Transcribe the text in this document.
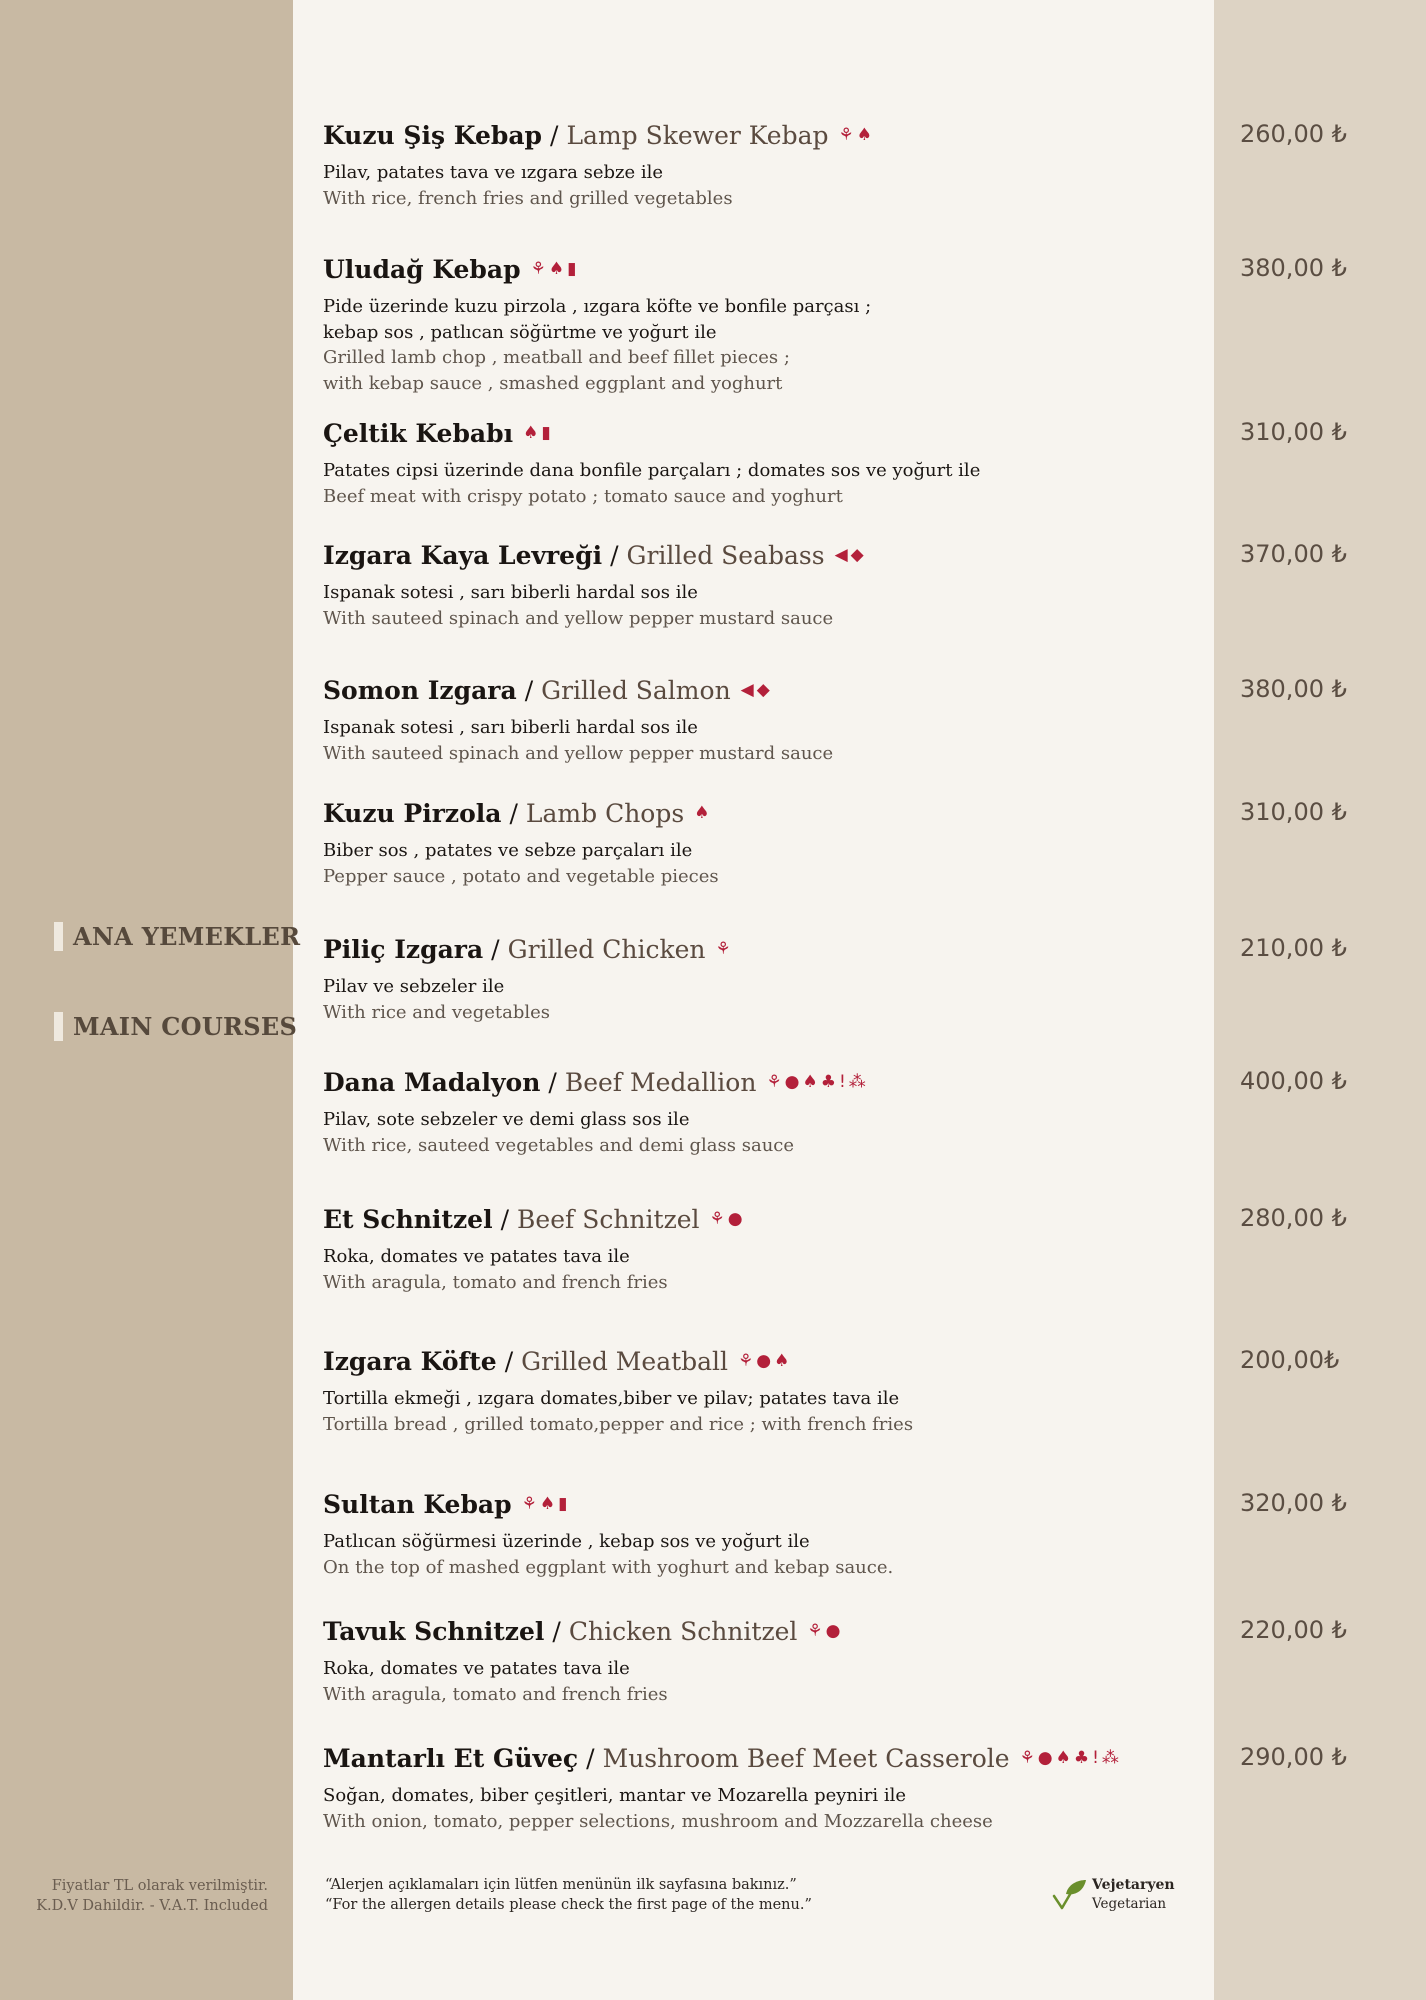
ANA YEMEKLER
MAIN COURSES
Kuzu Şiş Kebap / Lamp Skewer Kebap ⚘♠	260,00 ₺
Pilav, patates tava ve ızgara sebze ile
With rice, french fries and grilled vegetables
Uludağ Kebap ⚘♠▮	380,00 ₺
Pide üzerinde kuzu pirzola , ızgara köfte ve bonfile parçası ;
kebap sos , patlıcan söğürtme ve yoğurt ile
Grilled lamb chop , meatball and beef fillet pieces ;
with kebap sauce , smashed eggplant and yoghurt
Çeltik Kebabı ♠▮	310,00 ₺
Patates cipsi üzerinde dana bonfile parçaları ; domates sos ve yoğurt ile
Beef meat with crispy potato ; tomato sauce and yoghurt
Izgara Kaya Levreği / Grilled Seabass ◀◆	370,00 ₺
Ispanak sotesi , sarı biberli hardal sos ile
With sauteed spinach and yellow pepper mustard sauce
Somon Izgara / Grilled Salmon ◀◆	380,00 ₺
Ispanak sotesi , sarı biberli hardal sos ile
With sauteed spinach and yellow pepper mustard sauce
Kuzu Pirzola / Lamb Chops ♠	310,00 ₺
Biber sos , patates ve sebze parçaları ile
Pepper sauce , potato and vegetable pieces
Piliç Izgara / Grilled Chicken ⚘	210,00 ₺
Pilav ve sebzeler ile
With rice and vegetables
Dana Madalyon / Beef Medallion ⚘●♠♣!⁂	400,00 ₺
Pilav, sote sebzeler ve demi glass sos ile
With rice, sauteed vegetables and demi glass sauce
Et Schnitzel / Beef Schnitzel ⚘●	280,00 ₺
Roka, domates ve patates tava ile
With aragula, tomato and french fries
Izgara Köfte / Grilled Meatball ⚘●♠	200,00₺
Tortilla ekmeği , ızgara domates,biber ve pilav; patates tava ile
Tortilla bread , grilled tomato,pepper and rice ; with french fries
Sultan Kebap ⚘♠▮	320,00 ₺
Patlıcan söğürmesi üzerinde , kebap sos ve yoğurt ile
On the top of mashed eggplant with yoghurt and kebap sauce.
Tavuk Schnitzel / Chicken Schnitzel ⚘●	220,00 ₺
Roka, domates ve patates tava ile
With aragula, tomato and french fries
Mantarlı Et Güveç / Mushroom Beef Meet Casserole ⚘●♠♣!⁂	290,00 ₺
Soğan, domates, biber çeşitleri, mantar ve Mozarella peyniri ile
With onion, tomato, pepper selections, mushroom and Mozzarella cheese
Fiyatlar TL olarak verilmiştir.
K.D.V Dahildir. - V.A.T. Included
“Alerjen açıklamaları için lütfen menünün ilk sayfasına bakınız.”
“For the allergen details please check the first page of the menu.”
Vejetaryen
Vegetarian
